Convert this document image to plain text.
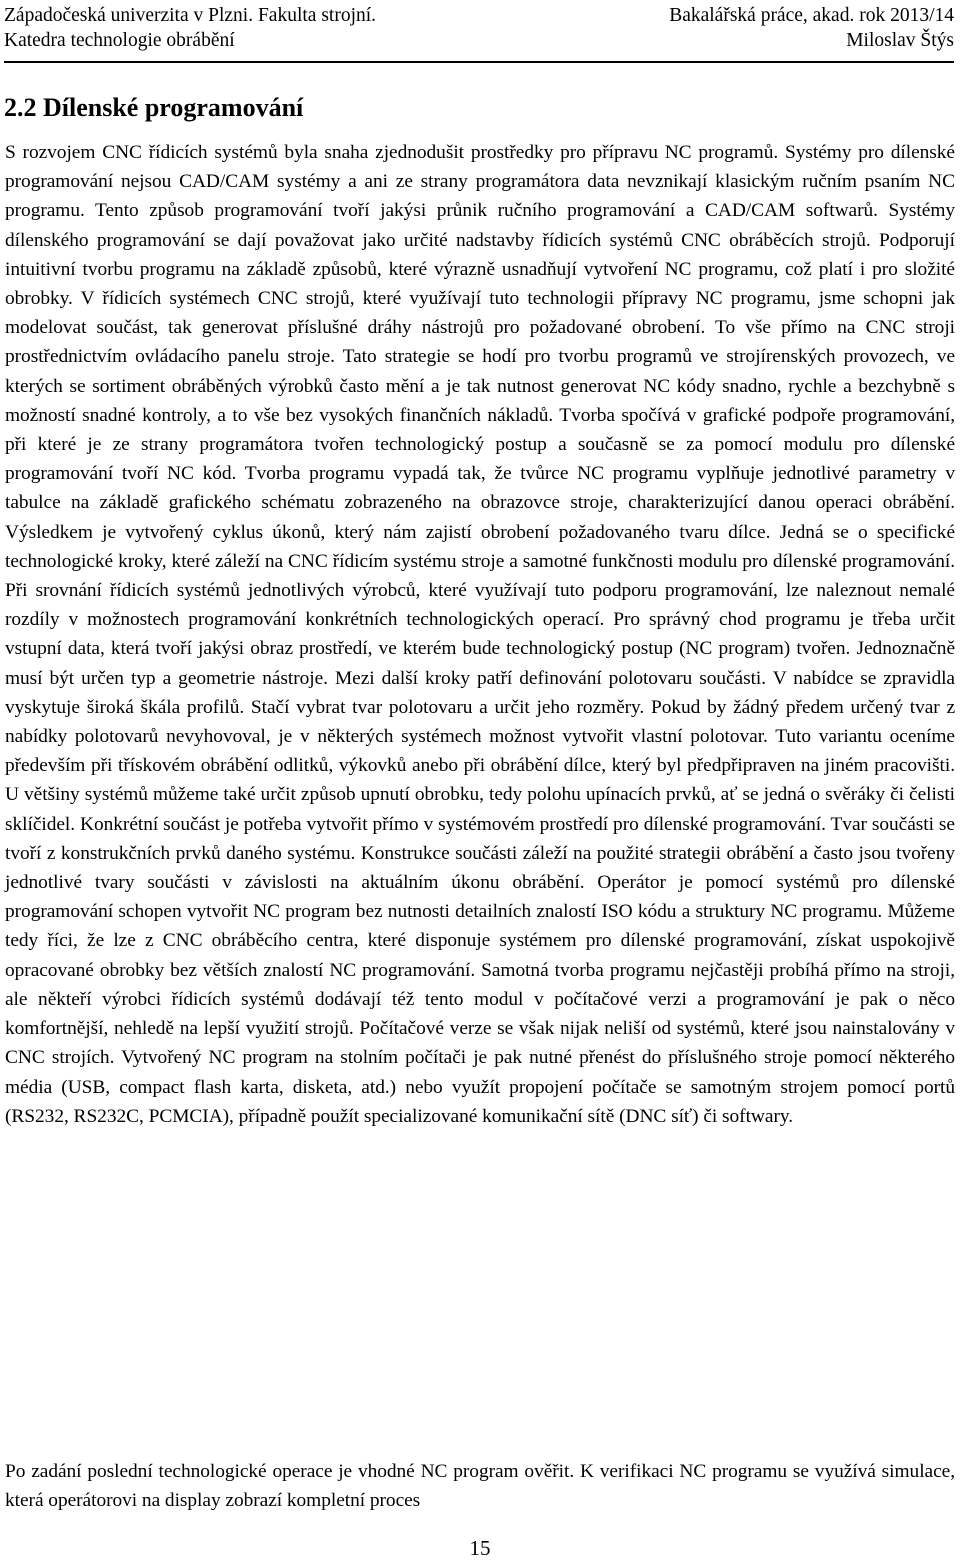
Západočeská univerzita v Plzni. Fakulta strojní.	Bakalářská práce, akad. rok 2013/14
Katedra technologie obrábění	Miloslav Štýs
2.2 Dílenské programování

S rozvojem CNC řídicích systémů byla snaha zjednodušit prostředky pro přípravu NC programů. Systémy pro dílenské programování nejsou CAD/CAM systémy a ani ze strany programátora data nevznikají klasickým ručním psaním NC programu. Tento způsob programování tvoří jakýsi průnik ručního programování a CAD/CAM softwarů. Systémy dílenského programování se dají považovat jako určité nadstavby řídicích systémů CNC obráběcích strojů. Podporují intuitivní tvorbu programu na základě způsobů, které výrazně usnadňují vytvoření NC programu, což platí i pro složité obrobky. V řídicích systémech CNC strojů, které využívají tuto technologii přípravy NC programu, jsme schopni jak modelovat součást, tak generovat příslušné dráhy nástrojů pro požadované obrobení. To vše přímo na CNC stroji prostřednictvím ovládacího panelu stroje. Tato strategie se hodí pro tvorbu programů ve strojírenských provozech, ve kterých se sortiment obráběných výrobků často mění a je tak nutnost generovat NC kódy snadno, rychle a bezchybně s možností snadné kontroly, a to vše bez vysokých finančních nákladů. Tvorba spočívá v grafické podpoře programování, při které je ze strany programátora tvořen technologický postup a současně se za pomocí modulu pro dílenské programování tvoří NC kód. Tvorba programu vypadá tak, že tvůrce NC programu vyplňuje jednotlivé parametry v tabulce na základě grafického schématu zobrazeného na obrazovce stroje, charakterizující danou operaci obrábění. Výsledkem je vytvořený cyklus úkonů, který nám zajistí obrobení požadovaného tvaru dílce. Jedná se o specifické technologické kroky, které záleží na CNC řídicím systému stroje a samotné funkčnosti modulu pro dílenské programování. Při srovnání řídicích systémů jednotlivých výrobců, které využívají tuto podporu programování, lze naleznout nemalé rozdíly v možnostech programování konkrétních technologických operací. Pro správný chod programu je třeba určit vstupní data, která tvoří jakýsi obraz prostředí, ve kterém bude technologický postup (NC program) tvořen. Jednoznačně musí být určen typ a geometrie nástroje. Mezi další kroky patří definování polotovaru součásti. V nabídce se zpravidla vyskytuje široká škála profilů. Stačí vybrat tvar polotovaru a určit jeho rozměry. Pokud by žádný předem určený tvar z nabídky polotovarů nevyhovoval, je v některých systémech možnost vytvořit vlastní polotovar. Tuto variantu oceníme především při třískovém obrábění odlitků, výkovků anebo při obrábění dílce, který byl předpřipraven na jiném pracovišti. U většiny systémů můžeme také určit způsob upnutí obrobku, tedy polohu upínacích prvků, ať se jedná o svěráky či čelisti sklíčidel. Konkrétní součást je potřeba vytvořit přímo v systémovém prostředí pro dílenské programování. Tvar součásti se tvoří z konstrukčních prvků daného systému. Konstrukce součásti záleží na použité strategii obrábění a často jsou tvořeny jednotlivé tvary součásti v závislosti na aktuálním úkonu obrábění. Operátor je pomocí systémů pro dílenské programování schopen vytvořit NC program bez nutnosti detailních znalostí ISO kódu a struktury NC programu. Můžeme tedy říci, že lze z CNC obráběcího centra, které disponuje systémem pro dílenské programování, získat uspokojivě opracované obrobky bez větších znalostí NC programování. Samotná tvorba programu nejčastěji probíhá přímo na stroji, ale někteří výrobci řídicích systémů dodávají též tento modul v počítačové verzi a programování je pak o něco komfortnější, nehledě na lepší využití strojů. Počítačové verze se však nijak neliší od systémů, které jsou nainstalovány v CNC strojích. Vytvořený NC program na stolním počítači je pak nutné přenést do příslušného stroje pomocí některého média (USB, compact flash karta, disketa, atd.) nebo využít propojení počítače se samotným strojem pomocí portů (RS232, RS232C, PCMCIA), případně použít specializované komunikační sítě (DNC síť) či softwary.

Po zadání poslední technologické operace je vhodné NC program ověřit. K verifikaci NC programu se využívá simulace, která operátorovi na display zobrazí kompletní proces

15
